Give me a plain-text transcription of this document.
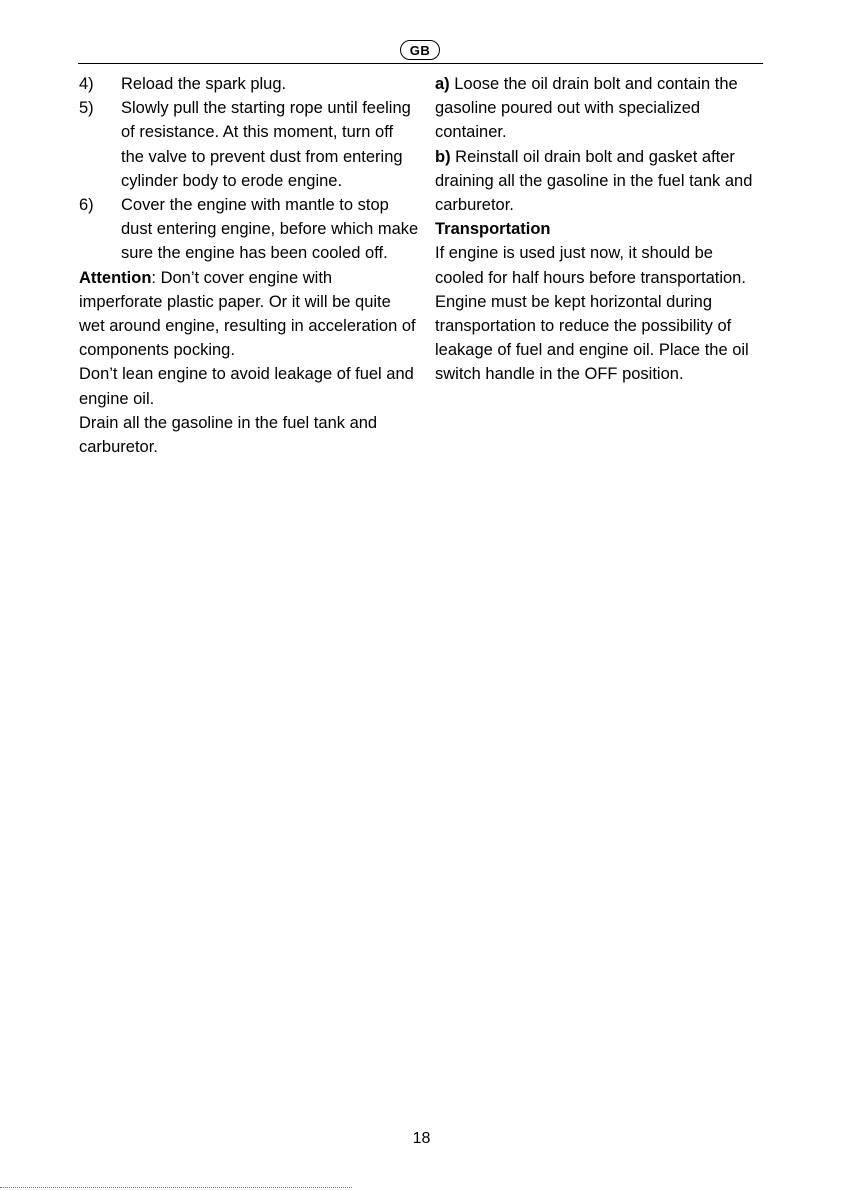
GB
4)	Reload the spark plug.
5)	Slowly pull the starting rope until feeling of resistance. At this moment, turn off the valve to prevent dust from entering cylinder body to erode engine.
6)	Cover the engine with mantle to stop dust entering engine, before which make sure the engine has been cooled off.

Attention: Don’t cover engine with imperforate plastic paper. Or it will be quite wet around engine, resulting in acceleration of components pocking.

Don’t lean engine to avoid leakage of fuel and engine oil.

Drain all the gasoline in the fuel tank and carburetor.

a) Loose the oil drain bolt and contain the gasoline poured out with specialized container.

b) Reinstall oil drain bolt and gasket after draining all the gasoline in the fuel tank and carburetor.

Transportation

If engine is used just now, it should be cooled for half hours before transportation.

Engine must be kept horizontal during transportation to reduce the possibility of leakage of fuel and engine oil. Place the oil switch handle in the OFF position.

18
